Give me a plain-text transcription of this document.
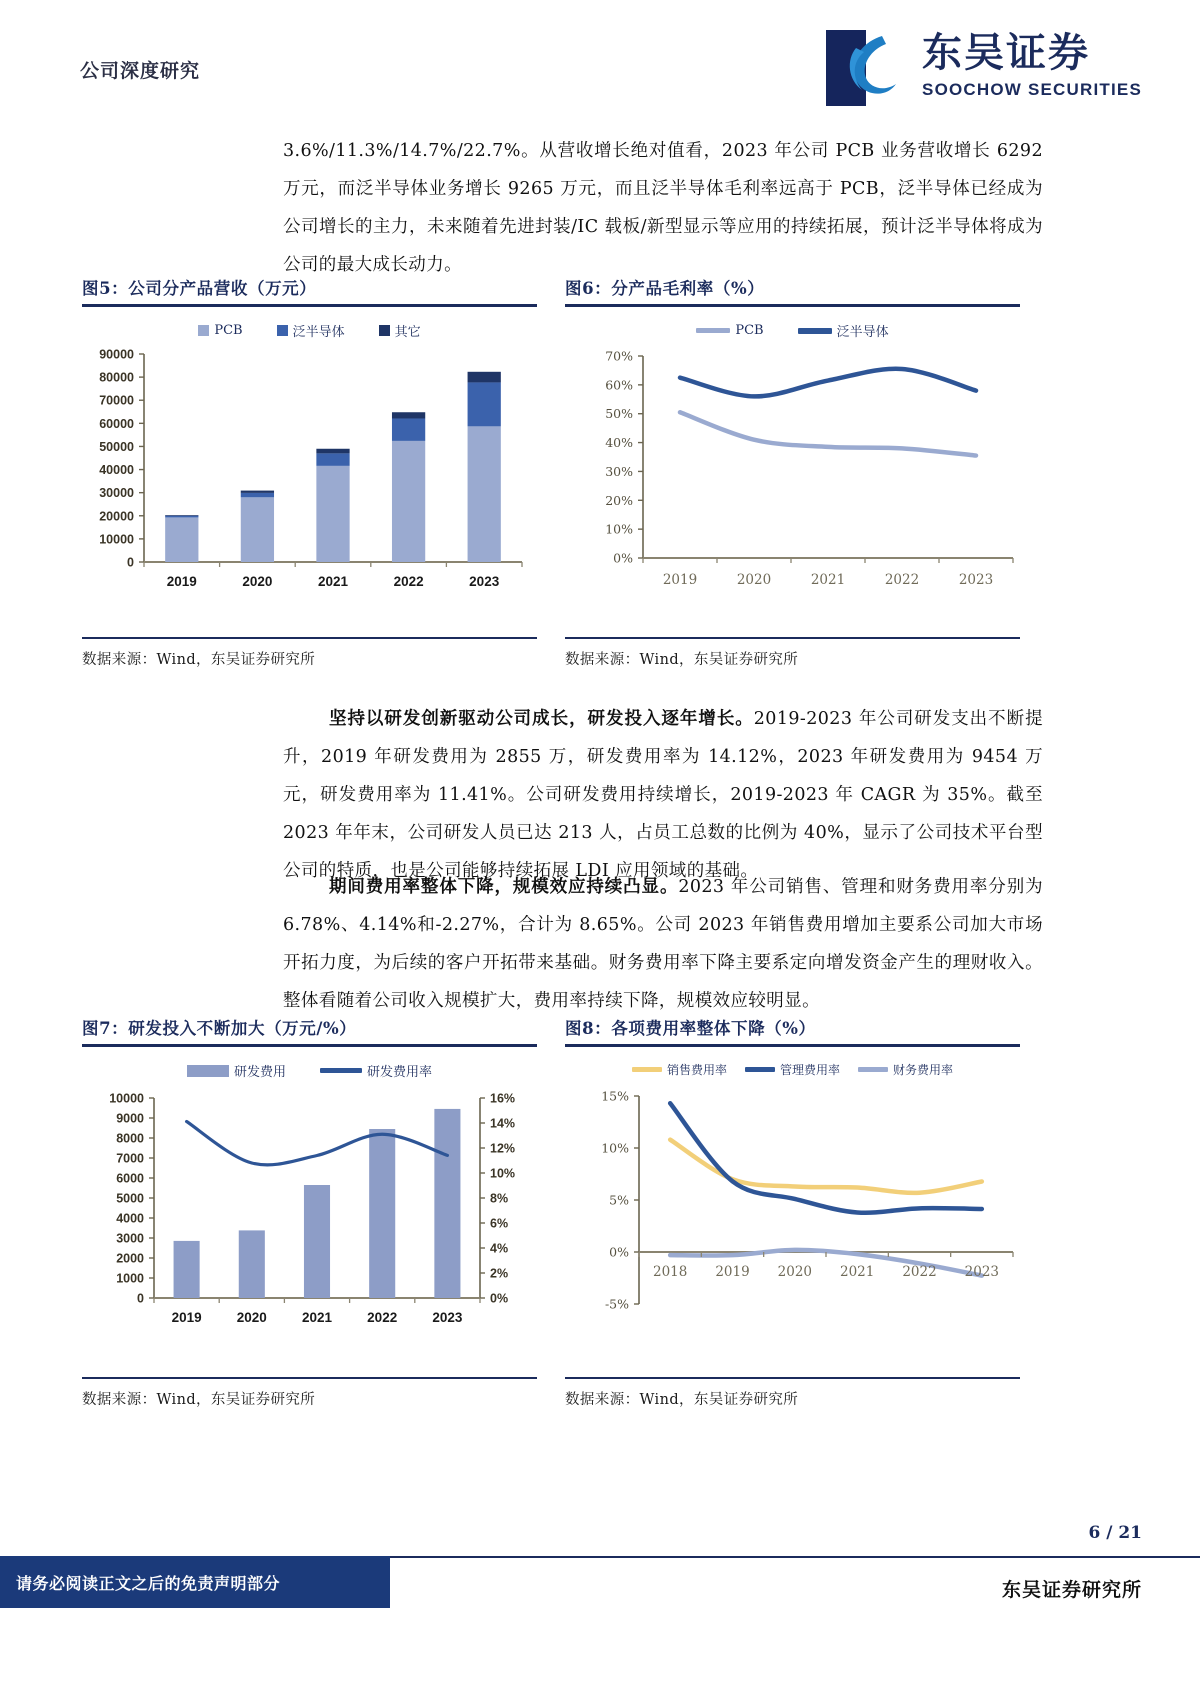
公司深度研究	东吴证券
SOOCHOW SECURITIES
3.6%/11.3%/14.7%/22.7%。从营收增长绝对值看，2023 年公司 PCB 业务营收增长 6292 万元，而泛半导体业务增长 9265 万元，而且泛半导体毛利率远高于 PCB，泛半导体已经成为公司增长的主力，未来随着先进封装/IC 载板/新型显示等应用的持续拓展，预计泛半导体将成为公司的最大成长动力。
图5：公司分产品营收（万元）
PCB	泛半导体	其它
0
10000
20000
30000
40000
50000
60000
70000
80000
90000
2019	2020	2021	2022	2023
数据来源：Wind，东吴证券研究所
图6：分产品毛利率（%）
PCB	泛半导体
0%
10%
20%
30%
40%
50%
60%
70%
2019	2020	2021	2022	2023
数据来源：Wind，东吴证券研究所
坚持以研发创新驱动公司成长，研发投入逐年增长。2019-2023 年公司研发支出不断提升，2019 年研发费用为 2855 万，研发费用率为 14.12%，2023 年研发费用为 9454 万元，研发费用率为 11.41%。公司研发费用持续增长，2019-2023 年 CAGR 为 35%。截至 2023 年年末，公司研发人员已达 213 人，占员工总数的比例为 40%，显示了公司技术平台型公司的特质，也是公司能够持续拓展 LDI 应用领域的基础。
期间费用率整体下降，规模效应持续凸显。2023 年公司销售、管理和财务费用率分别为 6.78%、4.14%和-2.27%，合计为 8.65%。公司 2023 年销售费用增加主要系公司加大市场开拓力度，为后续的客户开拓带来基础。财务费用率下降主要系定向增发资金产生的理财收入。整体看随着公司收入规模扩大，费用率持续下降，规模效应较明显。
图7：研发投入不断加大（万元/%）
研发费用	研发费用率
0
1000
2000
3000
4000
5000
6000
7000
8000
9000
10000
0%
2%
4%
6%
8%
10%
12%
14%
16%
2019	2020	2021	2022	2023
数据来源：Wind，东吴证券研究所
图8：各项费用率整体下降（%）
销售费用率	管理费用率	财务费用率
-5%
0%
5%
10%
15%
2018 2019 2020 2021 2022 2023
数据来源：Wind，东吴证券研究所
6 / 21
请务必阅读正文之后的免责声明部分	东吴证券研究所
